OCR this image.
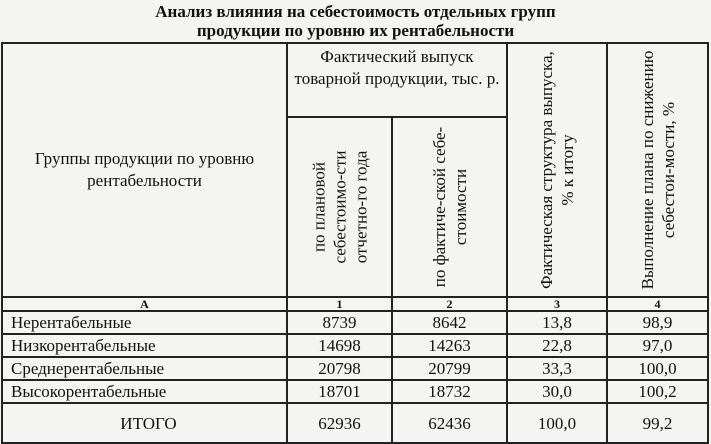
Анализ влияния на себестоимость отдельных групп
продукции по уровню их рентабельности
Группы продукции по уровню рентабельности	Фактический выпуск товарной продукции, тыс. р.		Фактическая структура выпуска, % к итогу	Выполнение плана по снижению себестои-мости, %

	по плановой себестоимо-сти отчетно-го года	по фактиче-ской себе-стоимости		

А	1	2	3	4
Нерентабельные	8739	8642	13,8	98,9
Низкорентабельные	14698	14263	22,8	97,0
Среднерентабельные	20798	20799	33,3	100,0
Высокорентабельные	18701	18732	30,0	100,2
ИТОГО	62936	62436	100,0	99,2
